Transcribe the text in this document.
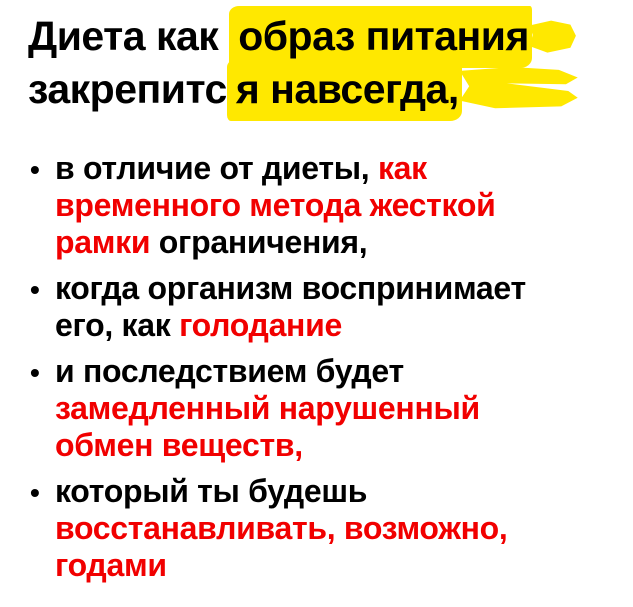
Диета как образ питания
закрепитс я навсегда,
• в отличие от диеты, как
временного метода жесткой
рамки ограничения,
• когда организм воспринимает
его, как голодание
• и последствием будет
замедленный нарушенный
обмен веществ,
• который ты будешь
восстанавливать, возможно,
годами
